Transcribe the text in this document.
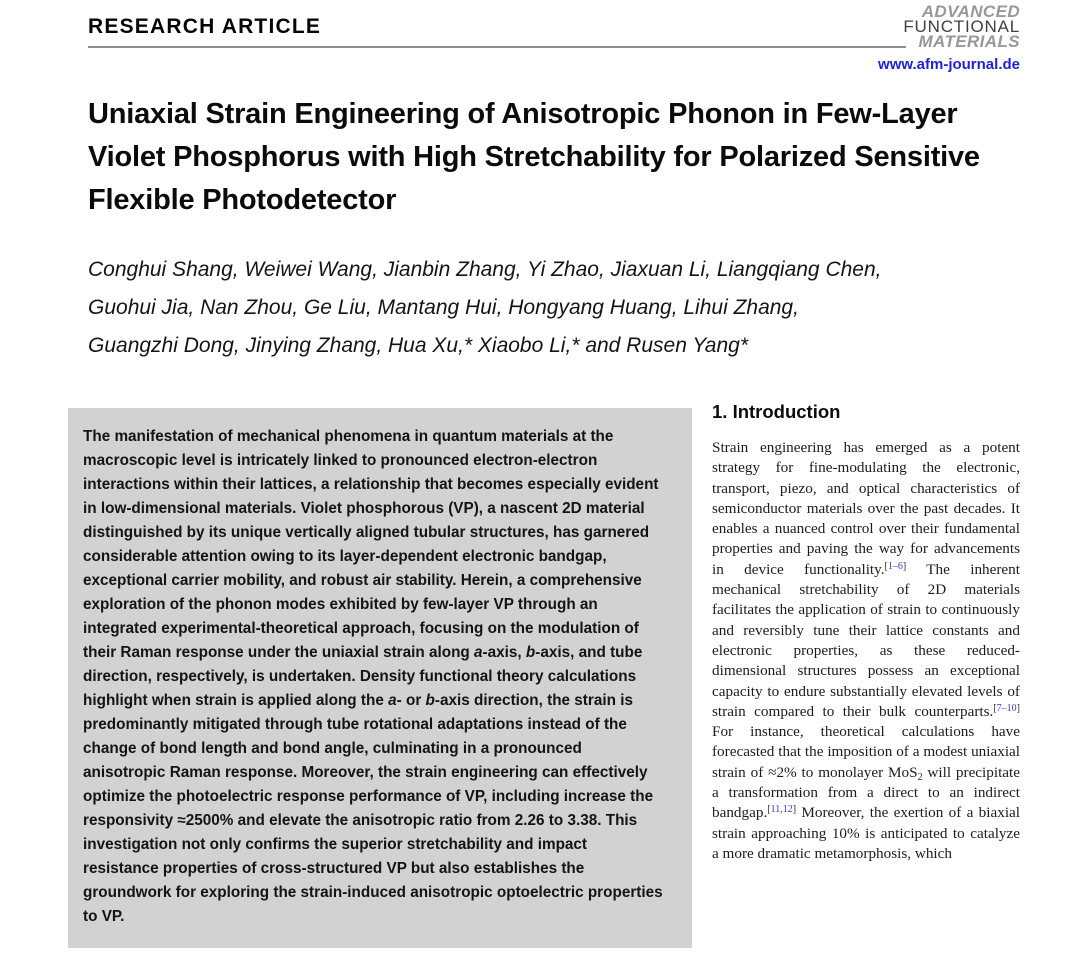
RESEARCH ARTICLE
ADVANCED
FUNCTIONAL
MATERIALS
www.afm-journal.de
Uniaxial Strain Engineering of Anisotropic Phonon in Few-Layer Violet Phosphorus with High Stretchability for Polarized Sensitive Flexible Photodetector
Conghui Shang, Weiwei Wang, Jianbin Zhang, Yi Zhao, Jiaxuan Li, Liangqiang Chen,
Guohui Jia, Nan Zhou, Ge Liu, Mantang Hui, Hongyang Huang, Lihui Zhang,
Guangzhi Dong, Jinying Zhang, Hua Xu,* Xiaobo Li,* and Rusen Yang*

The manifestation of mechanical phenomena in quantum materials at the macroscopic level is intricately linked to pronounced electron-electron interactions within their lattices, a relationship that becomes especially evident in low-dimensional materials. Violet phosphorous (VP), a nascent 2D material distinguished by its unique vertically aligned tubular structures, has garnered considerable attention owing to its layer-dependent electronic bandgap, exceptional carrier mobility, and robust air stability. Herein, a comprehensive exploration of the phonon modes exhibited by few-layer VP through an integrated experimental-theoretical approach, focusing on the modulation of their Raman response under the uniaxial strain along a-axis, b-axis, and tube direction, respectively, is undertaken. Density functional theory calculations highlight when strain is applied along the a- or b-axis direction, the strain is predominantly mitigated through tube rotational adaptations instead of the change of bond length and bond angle, culminating in a pronounced anisotropic Raman response. Moreover, the strain engineering can effectively optimize the photoelectric response performance of VP, including increase the responsivity ≈2500% and elevate the anisotropic ratio from 2.26 to 3.38. This investigation not only confirms the superior stretchability and impact resistance properties of cross-structured VP but also establishes the groundwork for exploring the strain-induced anisotropic optoelectric properties to VP.

1. Introduction

Strain engineering has emerged as a potent strategy for fine-modulating the electronic, transport, piezo, and optical characteristics of semiconductor materials over the past decades. It enables a nuanced control over their fundamental properties and paving the way for advancements in device functionality.[1–6] The inherent mechanical stretchability of 2D materials facilitates the application of strain to continuously and reversibly tune their lattice constants and electronic properties, as these reduced-dimensional structures possess an exceptional capacity to endure substantially elevated levels of strain compared to their bulk counterparts.[7–10] For instance, theoretical calculations have forecasted that the imposition of a modest uniaxial strain of ≈2% to monolayer MoS$_2$ will precipitate a transformation from a direct to an indirect bandgap.[11,12] Moreover, the exertion of a biaxial strain approaching 10% is anticipated to catalyze a more dramatic metamorphosis, which
